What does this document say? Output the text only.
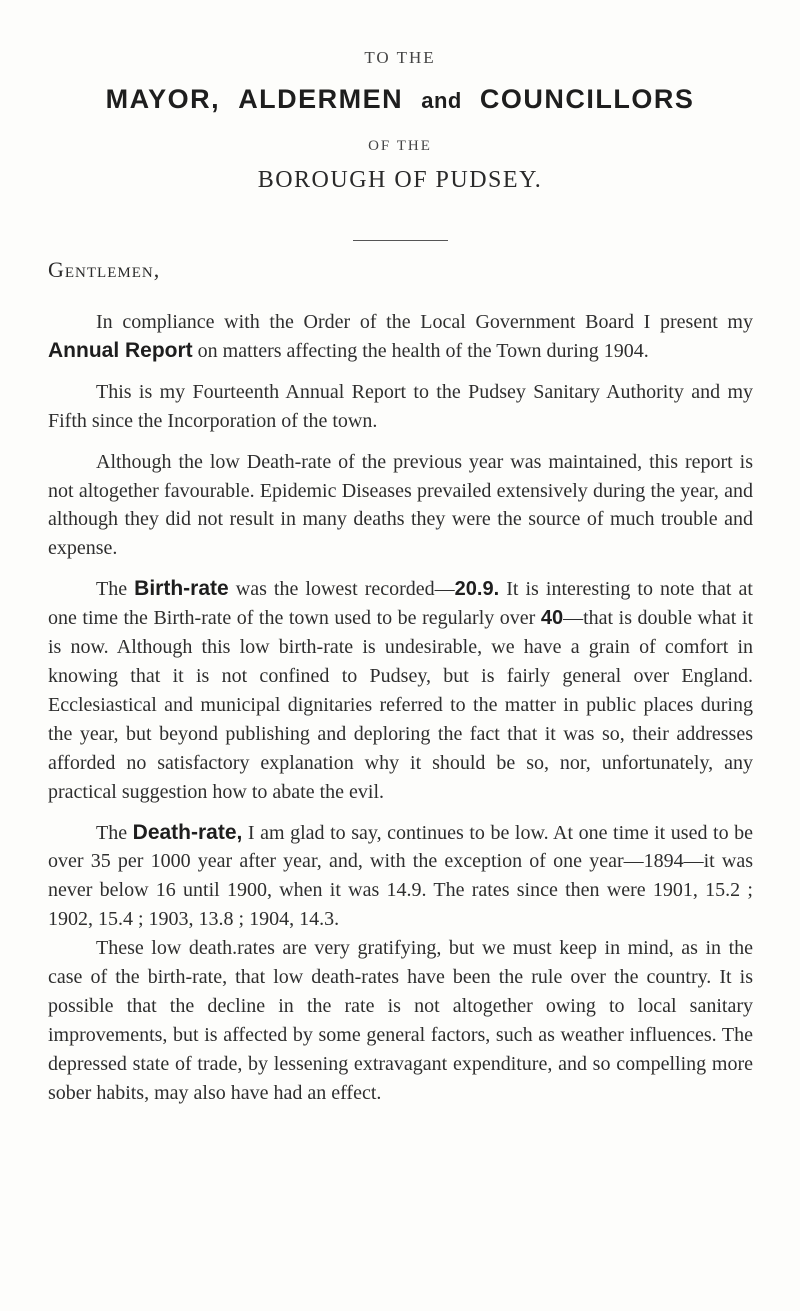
TO THE
MAYOR, ALDERMEN and COUNCILLORS
OF THE
BOROUGH OF PUDSEY.
Gentlemen,

In compliance with the Order of the Local Government Board I present my Annual Report on matters affecting the health of the Town during 1904.

This is my Fourteenth Annual Report to the Pudsey Sanitary Authority and my Fifth since the Incorporation of the town.

Although the low Death-rate of the previous year was maintained, this report is not altogether favourable. Epidemic Diseases prevailed extensively during the year, and although they did not result in many deaths they were the source of much trouble and expense.

The Birth-rate was the lowest recorded—20.9. It is interesting to note that at one time the Birth-rate of the town used to be regularly over 40—that is double what it is now. Although this low birth-rate is undesirable, we have a grain of comfort in knowing that it is not confined to Pudsey, but is fairly general over England. Ecclesiastical and municipal dignitaries referred to the matter in public places during the year, but beyond publishing and deploring the fact that it was so, their addresses afforded no satisfactory explanation why it should be so, nor, unfortunately, any practical suggestion how to abate the evil.

The Death-rate, I am glad to say, continues to be low. At one time it used to be over 35 per 1000 year after year, and, with the exception of one year—1894—it was never below 16 until 1900, when it was 14.9. The rates since then were 1901, 15.2 ; 1902, 15.4 ; 1903, 13.8 ; 1904, 14.3.

These low death.rates are very gratifying, but we must keep in mind, as in the case of the birth-rate, that low death-rates have been the rule over the country. It is possible that the decline in the rate is not altogether owing to local sanitary improvements, but is affected by some general factors, such as weather influences. The depressed state of trade, by lessening extravagant expenditure, and so compelling more sober habits, may also have had an effect.
